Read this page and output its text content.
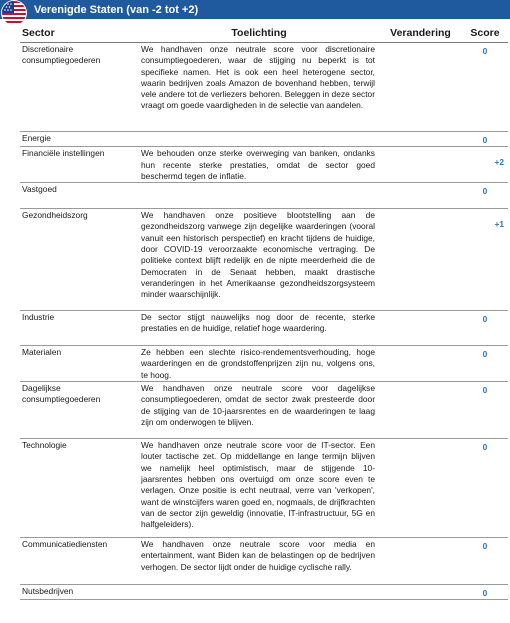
Verenigde Staten (van -2 tot +2)
Sector	Toelichting	Verandering	Score
Discretionaire consumptiegoederen	We handhaven onze neutrale score voor discretionaire consumptiegoederen, waar de stijging nu beperkt is tot specifieke namen. Het is ook een heel heterogene sector, waarin bedrijven zoals Amazon de bovenhand hebben, terwijl vele andere tot de verliezers behoren. Beleggen in deze sector vraagt om goede vaardigheden in de selectie van aandelen.		0
Energie			0
Financiële instellingen	We behouden onze sterke overweging van banken, ondanks hun recente sterke prestaties, omdat de sector goed beschermd tegen de inflatie.		+2
Vastgoed			0
Gezondheidszorg	We handhaven onze positieve blootstelling aan de gezondheidszorg vanwege zijn degelijke waarderingen (vooral vanuit een historisch perspectief) en kracht tijdens de huidige, door COVID-19 veroorzaakte economische vertraging. De politieke context blijft redelijk en de nipte meerderheid die de Democraten in de Senaat hebben, maakt drastische veranderingen in het Amerikaanse gezondheidszorgsysteem minder waarschijnlijk.		+1
Industrie	De sector stijgt nauwelijks nog door de recente, sterke prestaties en de huidige, relatief hoge waardering.		0
Materialen	Ze hebben een slechte risico-rendementsverhouding, hoge waarderingen en de grondstoffenprijzen zijn nu, volgens ons, te hoog.		0
Dagelijkse consumptiegoederen	We handhaven onze neutrale score voor dagelijkse consumptiegoederen, omdat de sector zwak presteerde door de stijging van de 10-jaarsrentes en de waarderingen te laag zijn om onderwogen te blijven.		0
Technologie	We handhaven onze neutrale score voor de IT-sector. Een louter tactische zet. Op middellange en lange termijn blijven we namelijk heel optimistisch, maar de stijgende 10-jaarsrentes hebben ons overtuigd om onze score even te verlagen. Onze positie is echt neutraal, verre van 'verkopen', want de winstcijfers waren goed en, nogmaals, de drijfkrachten van de sector zijn geweldig (innovatie, IT-infrastructuur, 5G en halfgeleiders).		0
Communicatiediensten	We handhaven onze neutrale score voor media en entertainment, want Biden kan de belastingen op de bedrijven verhogen. De sector lijdt onder de huidige cyclische rally.		0
Nutsbedrijven			0
